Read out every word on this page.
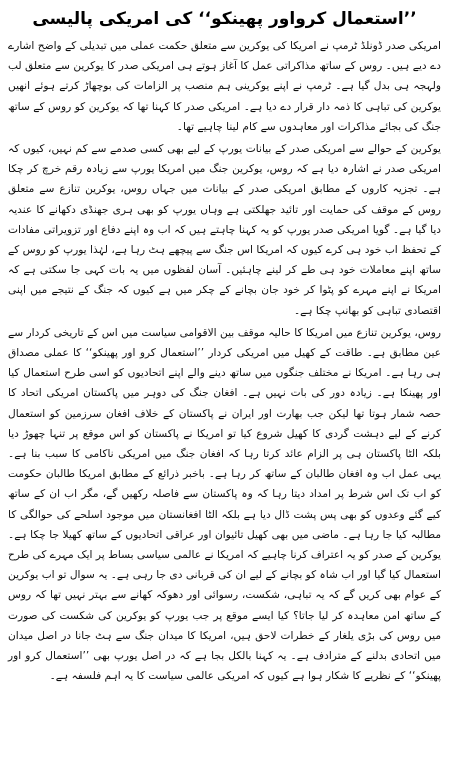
’’استعمال کرواور پھینکو‘‘ کی امریکی پالیسی

امریکی صدر ڈونلڈ ٹرمپ نے امریکا کی یوکرین سے متعلق حکمت عملی میں تبدیلی کے واضح اشارے دے دیے ہیں۔ روس کے ساتھ مذاکراتی عمل کا آغاز ہوتے ہی امریکی صدر کا یوکرین سے متعلق لب ولہجہ ہی بدل گیا ہے۔ ٹرمپ نے اپنے یوکرینی ہم منصب پر الزامات کی بوچھاڑ کرتے ہوئے انھیں یوکرین کی تباہی کا ذمہ دار قرار دے دیا ہے۔ امریکی صدر کا کہنا تھا کہ یوکرین کو روس کے ساتھ جنگ کی بجائے مذاکرات اور معاہدوں سے کام لینا چاہیے تھا۔

یوکرین کے حوالے سے امریکی صدر کے بیانات یورپ کے لیے بھی کسی صدمے سے کم نہیں، کیوں کہ امریکی صدر نے اشارہ دیا ہے کہ روس، یوکرین جنگ میں امریکا یورپ سے زیادہ رقم خرچ کر چکا ہے۔ تجزیہ کاروں کے مطابق امریکی صدر کے بیانات میں جہاں روس، یوکرین تنازع سے متعلق روس کے موقف کی حمایت اور تائید جھلکتی ہے وہاں یورپ کو بھی ہری جھنڈی دکھانے کا عندیہ دیا گیا ہے۔ گویا امریکی صدر یورپ کو یہ کہنا چاہتے ہیں کہ اب وہ اپنے دفاع اور تزویراتی مفادات کے تحفظ اب خود ہی کرے کیوں کہ امریکا اس جنگ سے پیچھے ہٹ رہا ہے، لہٰذا یورپ کو روس کے ساتھ اپنے معاملات خود ہی طے کر لینے چاہئیں۔ آسان لفظوں میں یہ بات کہی جا سکتی ہے کہ امریکا نے اپنے مہرے کو پٹوا کر خود جان بچانے کے چکر میں ہے کیوں کہ جنگ کے نتیجے میں اپنی اقتصادی تباہی کو بھانپ چکا ہے۔

روس، یوکرین تنازع میں امریکا کا حالیہ موقف بین الاقوامی سیاست میں اس کے تاریخی کردار سے عین مطابق ہے۔ طاقت کے کھیل میں امریکی کردار ’’استعمال کرو اور پھینکو‘‘ کا عملی مصداق ہی رہا ہے۔ امریکا نے مختلف جنگوں میں ساتھ دینے والے اپنے اتحادیوں کو اسی طرح استعمال کیا اور پھینکا ہے۔ زیادہ دور کی بات نہیں ہے۔ افغان جنگ کی دوہر میں پاکستان امریکی اتحاد کا حصہ شمار ہوتا تھا لیکن جب بھارت اور ایران نے پاکستان کے خلاف افغان سرزمین کو استعمال کرنے کے لیے دہشت گردی کا کھیل شروع کیا تو امریکا نے پاکستان کو اس موقع پر تنہا چھوڑ دیا بلکہ الٹا پاکستان ہی پر الزام عائد کرتا رہا کہ افغان جنگ میں امریکی ناکامی کا سبب بنا ہے۔ یہی عمل اب وہ افغان طالبان کے ساتھ کر رہا ہے۔ باخبر ذرائع کے مطابق امریکا طالبان حکومت کو اب تک اس شرط پر امداد دیتا رہا کہ وہ پاکستان سے فاصلہ رکھیں گے، مگر اب ان کے ساتھ کیے گئے وعدوں کو بھی پس پشت ڈال دیا ہے بلکہ الٹا افغانستان میں موجود اسلحے کی حوالگی کا مطالبہ کیا جا رہا ہے۔ ماضی میں بھی کھیل تائیوان اور عراقی اتحادیوں کے ساتھ کھیلا جا چکا ہے۔ یوکرین کے صدر کو یہ اعتراف کرنا چاہیے کہ امریکا نے عالمی سیاسی بساط پر ایک مہرے کی طرح استعمال کیا گیا اور اب شاہ کو بچانے کے لیے ان کی قربانی دی جا رہی ہے۔ یہ سوال تو اب یوکرین کے عوام بھی کریں گے کہ یہ تباہی، شکست، رسوائی اور دھوکہ کھانے سے بہتر نہیں تھا کہ روس کے ساتھ امن معاہدہ کر لیا جاتا؟ کیا ایسے موقع پر جب یورپ کو یوکرین کی شکست کی صورت میں روس کی بڑی یلغار کے خطرات لاحق ہیں، امریکا کا میدان جنگ سے ہٹ جانا در اصل میدان میں اتحادی بدلنے کے مترادف ہے۔ یہ کہنا بالکل بجا ہے کہ در اصل یورپ بھی ’’استعمال کرو اور پھینکو‘‘ کے نظریے کا شکار ہوا ہے کیوں کہ امریکی عالمی سیاست کا یہ اہم فلسفہ ہے۔
